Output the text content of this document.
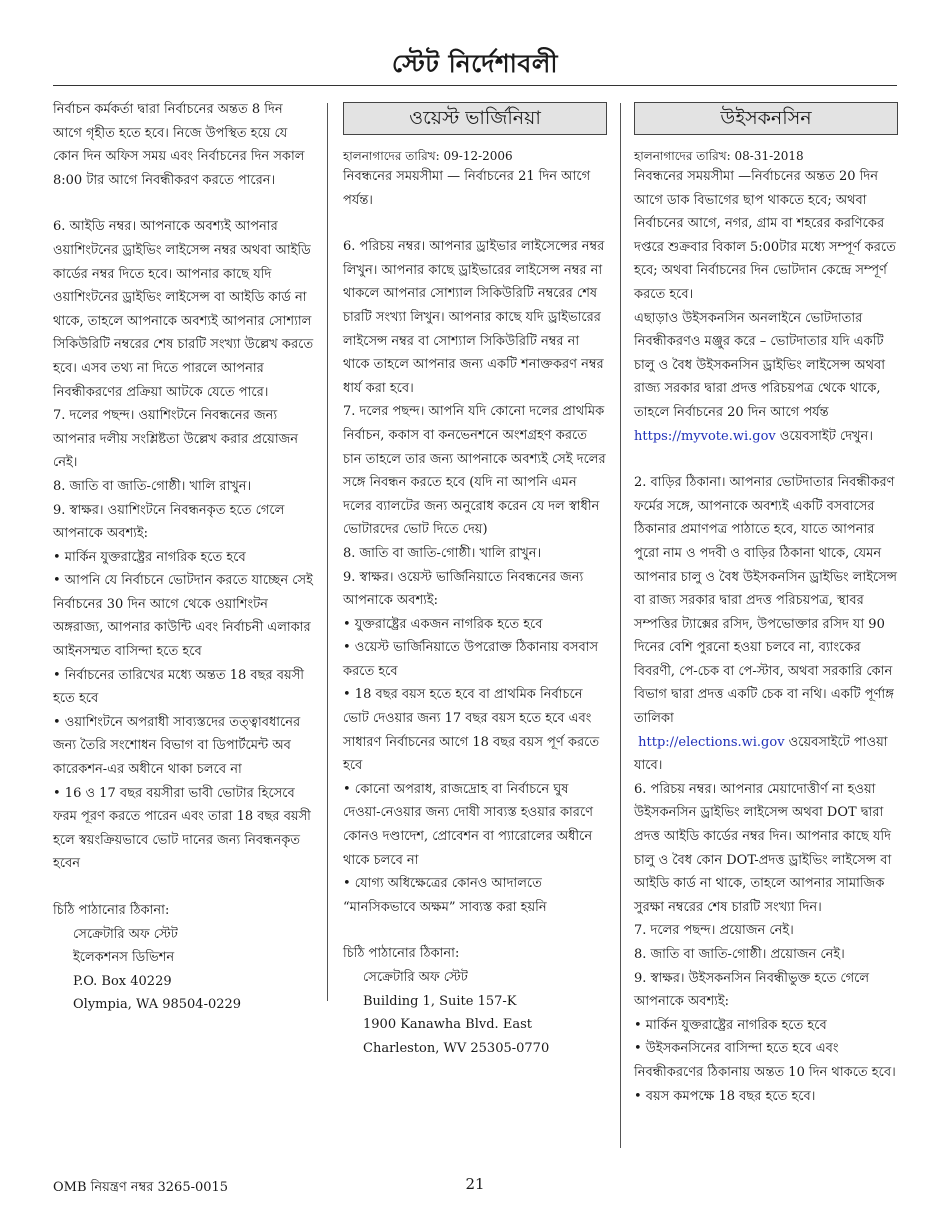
স্টেট নির্দেশাবলী

নির্বাচন কর্মকর্তা দ্বারা নির্বাচনের অন্তত 8 দিন আগে গৃহীত হতে হবে। নিজে উপস্থিত হয়ে যে কোন দিন অফিস সময় এবং নির্বাচনের দিন সকাল 8:00 টার আগে নিবন্ধীকরণ করতে পারেন।

6. আইডি নম্বর। আপনাকে অবশ্যই আপনার ওয়াশিংটনের ড্রাইভিং লাইসেন্স নম্বর অথবা আইডি কার্ডের নম্বর দিতে হবে। আপনার কাছে যদি ওয়াশিংটনের ড্রাইভিং লাইসেন্স বা আইডি কার্ড না থাকে, তাহলে আপনাকে অবশ্যই আপনার সোশ্যাল সিকিউরিটি নম্বরের শেষ চারটি সংখ্যা উল্লেখ করতে হবে। এসব তথ্য না দিতে পারলে আপনার নিবন্ধীকরণের প্রক্রিয়া আটকে যেতে পারে।

7. দলের পছন্দ। ওয়াশিংটনে নিবন্ধনের জন্য আপনার দলীয় সংশ্লিষ্টতা উল্লেখ করার প্রয়োজন নেই।

8. জাতি বা জাতি-গোষ্ঠী। খালি রাখুন।

9. স্বাক্ষর। ওয়াশিংটনে নিবন্ধনকৃত হতে গেলে আপনাকে অবশ্যই:

• মার্কিন যুক্তরাষ্ট্রের নাগরিক হতে হবে

• আপনি যে নির্বাচনে ভোটদান করতে যাচ্ছেন সেই নির্বাচনের 30 দিন আগে থেকে ওয়াশিংটন অঙ্গরাজ্য, আপনার কাউন্টি এবং নির্বাচনী এলাকার আইনসম্মত বাসিন্দা হতে হবে

• নির্বাচনের তারিখের মধ্যে অন্তত 18 বছর বয়সী হতে হবে

• ওয়াশিংটনে অপরাধী সাব্যস্তদের তত্ত্বাবধানের জন্য তৈরি সংশোধন বিভাগ বা ডিপার্টমেন্ট অব কারেকশন-এর অধীনে থাকা চলবে না

• 16 ও 17 বছর বয়সীরা ভাবী ভোটার হিসেবে ফরম পূরণ করতে পারেন এবং তারা 18 বছর বয়সী হলে স্বয়ংক্রিয়ভাবে ভোট দানের জন্য নিবন্ধনকৃত হবেন

চিঠি পাঠানোর ঠিকানা:

সেক্রেটারি অফ স্টেট

ইলেকশনস ডিভিশন

P.O. Box 40229

Olympia, WA 98504-0229

ওয়েস্ট ভার্জিনিয়া

হালনাগাদের তারিখ: 09-12-2006

নিবন্ধনের সময়সীমা — নির্বাচনের 21 দিন আগে পর্যন্ত।

6. পরিচয় নম্বর। আপনার ড্রাইভার লাইসেন্সের নম্বর লিখুন। আপনার কাছে ড্রাইভারের লাইসেন্স নম্বর না থাকলে আপনার সোশ্যাল সিকিউরিটি নম্বরের শেষ চারটি সংখ্যা লিখুন। আপনার কাছে যদি ড্রাইভারের লাইসেন্স নম্বর বা সোশ্যাল সিকিউরিটি নম্বর না থাকে তাহলে আপনার জন্য একটি শনাক্তকরণ নম্বর ধার্য করা হবে।

7. দলের পছন্দ। আপনি যদি কোনো দলের প্রাথমিক নির্বাচন, ককাস বা কনভেনশনে অংশগ্রহণ করতে চান তাহলে তার জন্য আপনাকে অবশ্যই সেই দলের সঙ্গে নিবন্ধন করতে হবে (যদি না আপনি এমন দলের ব্যালটের জন্য অনুরোধ করেন যে দল স্বাধীন ভোটারদের ভোট দিতে দেয়)

8. জাতি বা জাতি-গোষ্ঠী। খালি রাখুন।

9. স্বাক্ষর। ওয়েস্ট ভার্জিনিয়াতে নিবন্ধনের জন্য আপনাকে অবশ্যই:

• যুক্তরাষ্ট্রের একজন নাগরিক হতে হবে

• ওয়েস্ট ভার্জিনিয়াতে উপরোক্ত ঠিকানায় বসবাস করতে হবে

• 18 বছর বয়স হতে হবে বা প্রাথমিক নির্বাচনে ভোট দেওয়ার জন্য 17 বছর বয়স হতে হবে এবং সাধারণ নির্বাচনের আগে 18 বছর বয়স পূর্ণ করতে হবে

• কোনো অপরাধ, রাজদ্রোহ বা নির্বাচনে ঘুষ দেওয়া-নেওয়ার জন্য দোষী সাব্যস্ত হওয়ার কারণে কোনও দণ্ডাদেশ, প্রোবেশন বা প্যারোলের অধীনে থাকে চলবে না

• যোগ্য অধিক্ষেত্রের কোনও আদালতে “মানসিকভাবে অক্ষম” সাব্যস্ত করা হয়নি

চিঠি পাঠানোর ঠিকানা:

সেক্রেটারি অফ স্টেট

Building 1, Suite 157-K

1900 Kanawha Blvd. East

Charleston, WV 25305-0770

উইসকনসিন

হালনাগাদের তারিখ: 08-31-2018

নিবন্ধনের সময়সীমা —নির্বাচনের অন্তত 20 দিন আগে ডাক বিভাগের ছাপ থাকতে হবে; অথবা নির্বাচনের আগে, নগর, গ্রাম বা শহরের করণিকের দপ্তরে শুক্রবার বিকাল 5:00টার মধ্যে সম্পূর্ণ করতে হবে; অথবা নির্বাচনের দিন ভোটদান কেন্দ্রে সম্পূর্ণ করতে হবে।

এছাড়াও উইসকনসিন অনলাইনে ভোটদাতার নিবন্ধীকরণও মঞ্জুর করে – ভোটদাতার যদি একটি চালু ও বৈধ উইসকনসিন ড্রাইভিং লাইসেন্স অথবা রাজ্য সরকার দ্বারা প্রদত্ত পরিচয়পত্র থেকে থাকে, তাহলে নির্বাচনের 20 দিন আগে পর্যন্ত
https://myvote.wi.gov ওয়েবসাইট দেখুন।

2. বাড়ির ঠিকানা। আপনার ভোটদাতার নিবন্ধীকরণ ফর্মের সঙ্গে, আপনাকে অবশ্যই একটি বসবাসের ঠিকানার প্রমাণপত্র পাঠাতে হবে, যাতে আপনার পুরো নাম ও পদবী ও বাড়ির ঠিকানা থাকে, যেমন আপনার চালু ও বৈধ উইসকনসিন ড্রাইভিং লাইসেন্স বা রাজ্য সরকার দ্বারা প্রদত্ত পরিচয়পত্র, স্থাবর সম্পত্তির ট্যাক্সের রসিদ, উপভোক্তার রসিদ যা 90 দিনের বেশি পুরনো হওয়া চলবে না, ব্যাংকের বিবরণী, পে-চেক বা পে-স্টাব, অথবা সরকারি কোন বিভাগ দ্বারা প্রদত্ত একটি চেক বা নথি। একটি পূর্ণাঙ্গ তালিকা
http://elections.wi.gov ওয়েবসাইটে পাওয়া যাবে।

6. পরিচয় নম্বর। আপনার মেয়াদোত্তীর্ণ না হওয়া উইসকনসিন ড্রাইভিং লাইসেন্স অথবা DOT দ্বারা প্রদত্ত আইডি কার্ডের নম্বর দিন। আপনার কাছে যদি চালু ও বৈধ কোন DOT-প্রদত্ত ড্রাইভিং লাইসেন্স বা আইডি কার্ড না থাকে, তাহলে আপনার সামাজিক সুরক্ষা নম্বরের শেষ চারটি সংখ্যা দিন।

7. দলের পছন্দ। প্রয়োজন নেই।

8. জাতি বা জাতি-গোষ্ঠী। প্রয়োজন নেই।

9. স্বাক্ষর। উইসকনসিন নিবন্ধীভুক্ত হতে গেলে আপনাকে অবশ্যই:

• মার্কিন যুক্তরাষ্ট্রের নাগরিক হতে হবে

• উইসকনসিনের বাসিন্দা হতে হবে এবং নিবন্ধীকরণের ঠিকানায় অন্তত 10 দিন থাকতে হবে।

• বয়স কমপক্ষে 18 বছর হতে হবে।

OMB নিয়ন্ত্রণ নম্বর 3265-0015	21
